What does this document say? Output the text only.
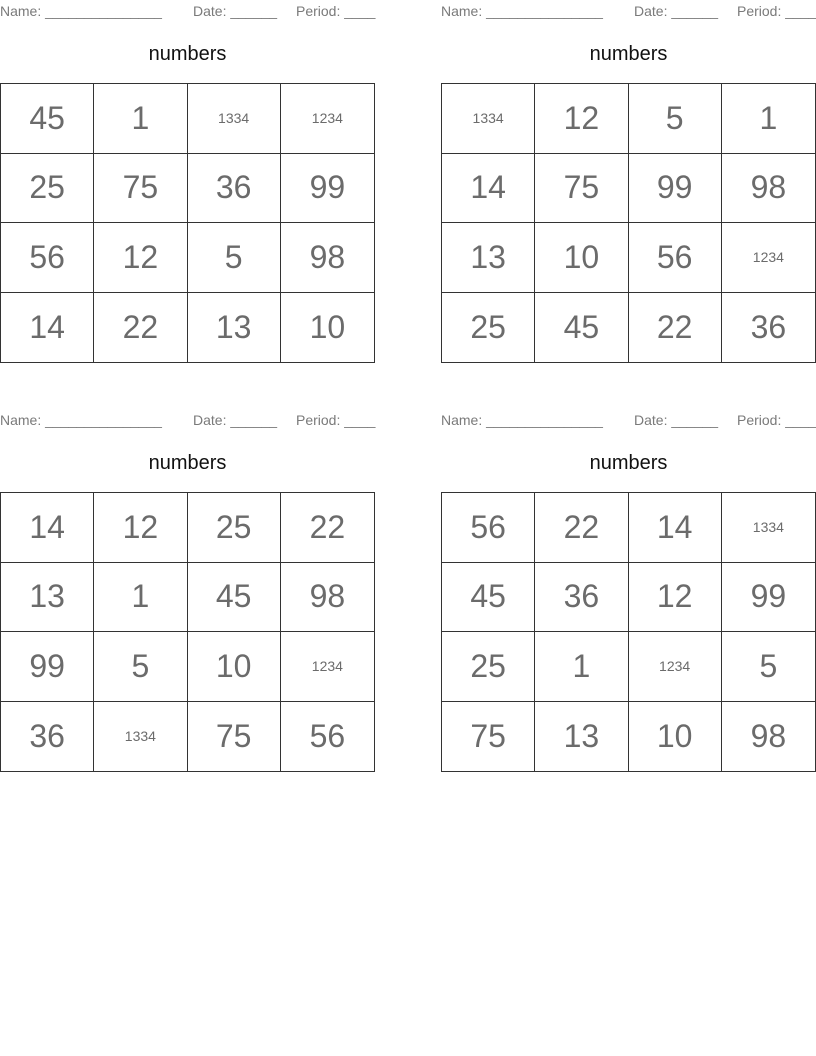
Name: _______________ Date: ______ Period: ____
numbers
45	1	1334	1234
25	75	36	99
56	12	5	98
14	22	13	10
Name: _______________ Date: ______ Period: ____
numbers
1334	12	5	1
14	75	99	98
13	10	56	1234
25	45	22	36
Name: _______________ Date: ______ Period: ____
numbers
14	12	25	22
13	1	45	98
99	5	10	1234
36	1334	75	56
Name: _______________ Date: ______ Period: ____
numbers
56	22	14	1334
45	36	12	99
25	1	1234	5
75	13	10	98
